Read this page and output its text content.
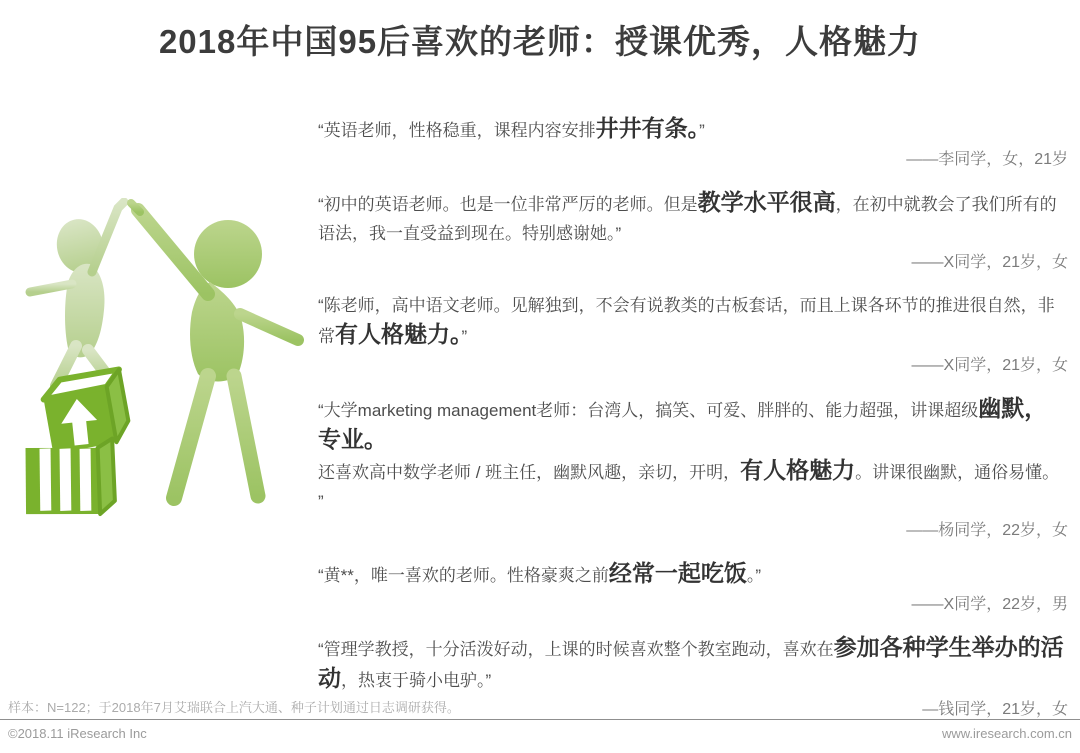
2018年中国95后喜欢的老师：授课优秀，人格魅力

“英语老师，性格稳重，课程内容安排井井有条。”

——李同学，女，21岁

“初中的英语老师。也是一位非常严厉的老师。但是教学水平很高，在初中就教会了我们所有的语法，我一直受益到现在。特别感谢她。”

——X同学，21岁，女

“陈老师，高中语文老师。见解独到，不会有说教类的古板套话，而且上课各环节的推进很自然，非常有人格魅力。”

——X同学，21岁，女

“大学marketing management老师：台湾人，搞笑、可爱、胖胖的、能力超强，讲课超级幽默，专业。

还喜欢高中数学老师 / 班主任，幽默风趣，亲切，开明，有人格魅力。讲课很幽默，通俗易懂。 ”

——杨同学，22岁，女

“黄**，唯一喜欢的老师。性格豪爽之前经常一起吃饭。”

——X同学，22岁，男

“管理学教授，十分活泼好动，上课的时候喜欢整个教室跑动，喜欢在参加各种学生举办的活动，热衷于骑小电驴。”

—钱同学，21岁，女
样本：N=122；于2018年7月艾瑞联合上汽大通、种子计划通过日志调研获得。
©2018.11 iResearch Inc	www.iresearch.com.cn
